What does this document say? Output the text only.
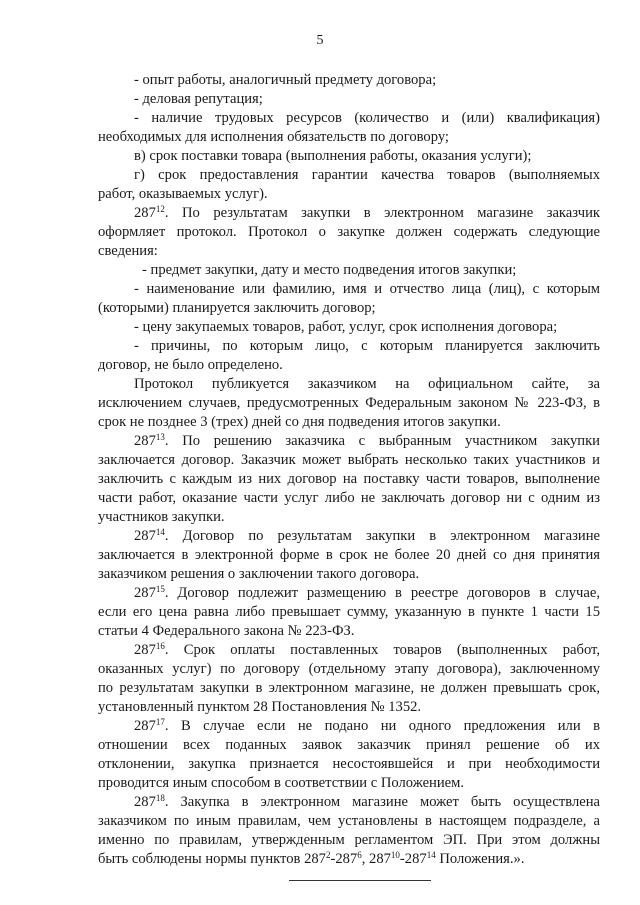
5
- опыт работы, аналогичный предмету договора;
- деловая репутация;
- наличие трудовых ресурсов (количество и (или) квалификация)
необходимых для исполнения обязательств по договору;
в) срок поставки товара (выполнения работы, оказания услуги);
г) срок предоставления гарантии качества товаров (выполняемых
работ, оказываемых услуг).
$287^{12}$. По результатам закупки в электронном магазине заказчик
оформляет протокол. Протокол о закупке должен содержать следующие
сведения:
- предмет закупки, дату и место подведения итогов закупки;
- наименование или фамилию, имя и отчество лица (лиц), с которым
(которыми) планируется заключить договор;
- цену закупаемых товаров, работ, услуг, срок исполнения договора;
- причины, по которым лицо, с которым планируется заключить
договор, не было определено.
Протокол публикуется заказчиком на официальном сайте, за
исключением случаев, предусмотренных Федеральным законом № 223-ФЗ, в
срок не позднее 3 (трех) дней со дня подведения итогов закупки.
$287^{13}$. По решению заказчика с выбранным участником закупки
заключается договор. Заказчик может выбрать несколько таких участников и
заключить с каждым из них договор на поставку части товаров, выполнение
части работ, оказание части услуг либо не заключать договор ни с одним из
участников закупки.
$287^{14}$. Договор по результатам закупки в электронном магазине
заключается в электронной форме в срок не более 20 дней со дня принятия
заказчиком решения о заключении такого договора.
$287^{15}$. Договор подлежит размещению в реестре договоров в случае,
если его цена равна либо превышает сумму, указанную в пункте 1 части 15
статьи 4 Федерального закона № 223-ФЗ.
$287^{16}$. Срок оплаты поставленных товаров (выполненных работ,
оказанных услуг) по договору (отдельному этапу договора), заключенному
по результатам закупки в электронном магазине, не должен превышать срок,
установленный пунктом 28 Постановления № 1352.
$287^{17}$. В случае если не подано ни одного предложения или в
отношении всех поданных заявок заказчик принял решение об их
отклонении, закупка признается несостоявшейся и при необходимости
проводится иным способом в соответствии с Положением.
$287^{18}$. Закупка в электронном магазине может быть осуществлена
заказчиком по иным правилам, чем установлены в настоящем подразделе, а
именно по правилам, утвержденным регламентом ЭП. При этом должны
быть соблюдены нормы пунктов $287^2-287^6$, $287^{10}-287^{14}$ Положения.».
